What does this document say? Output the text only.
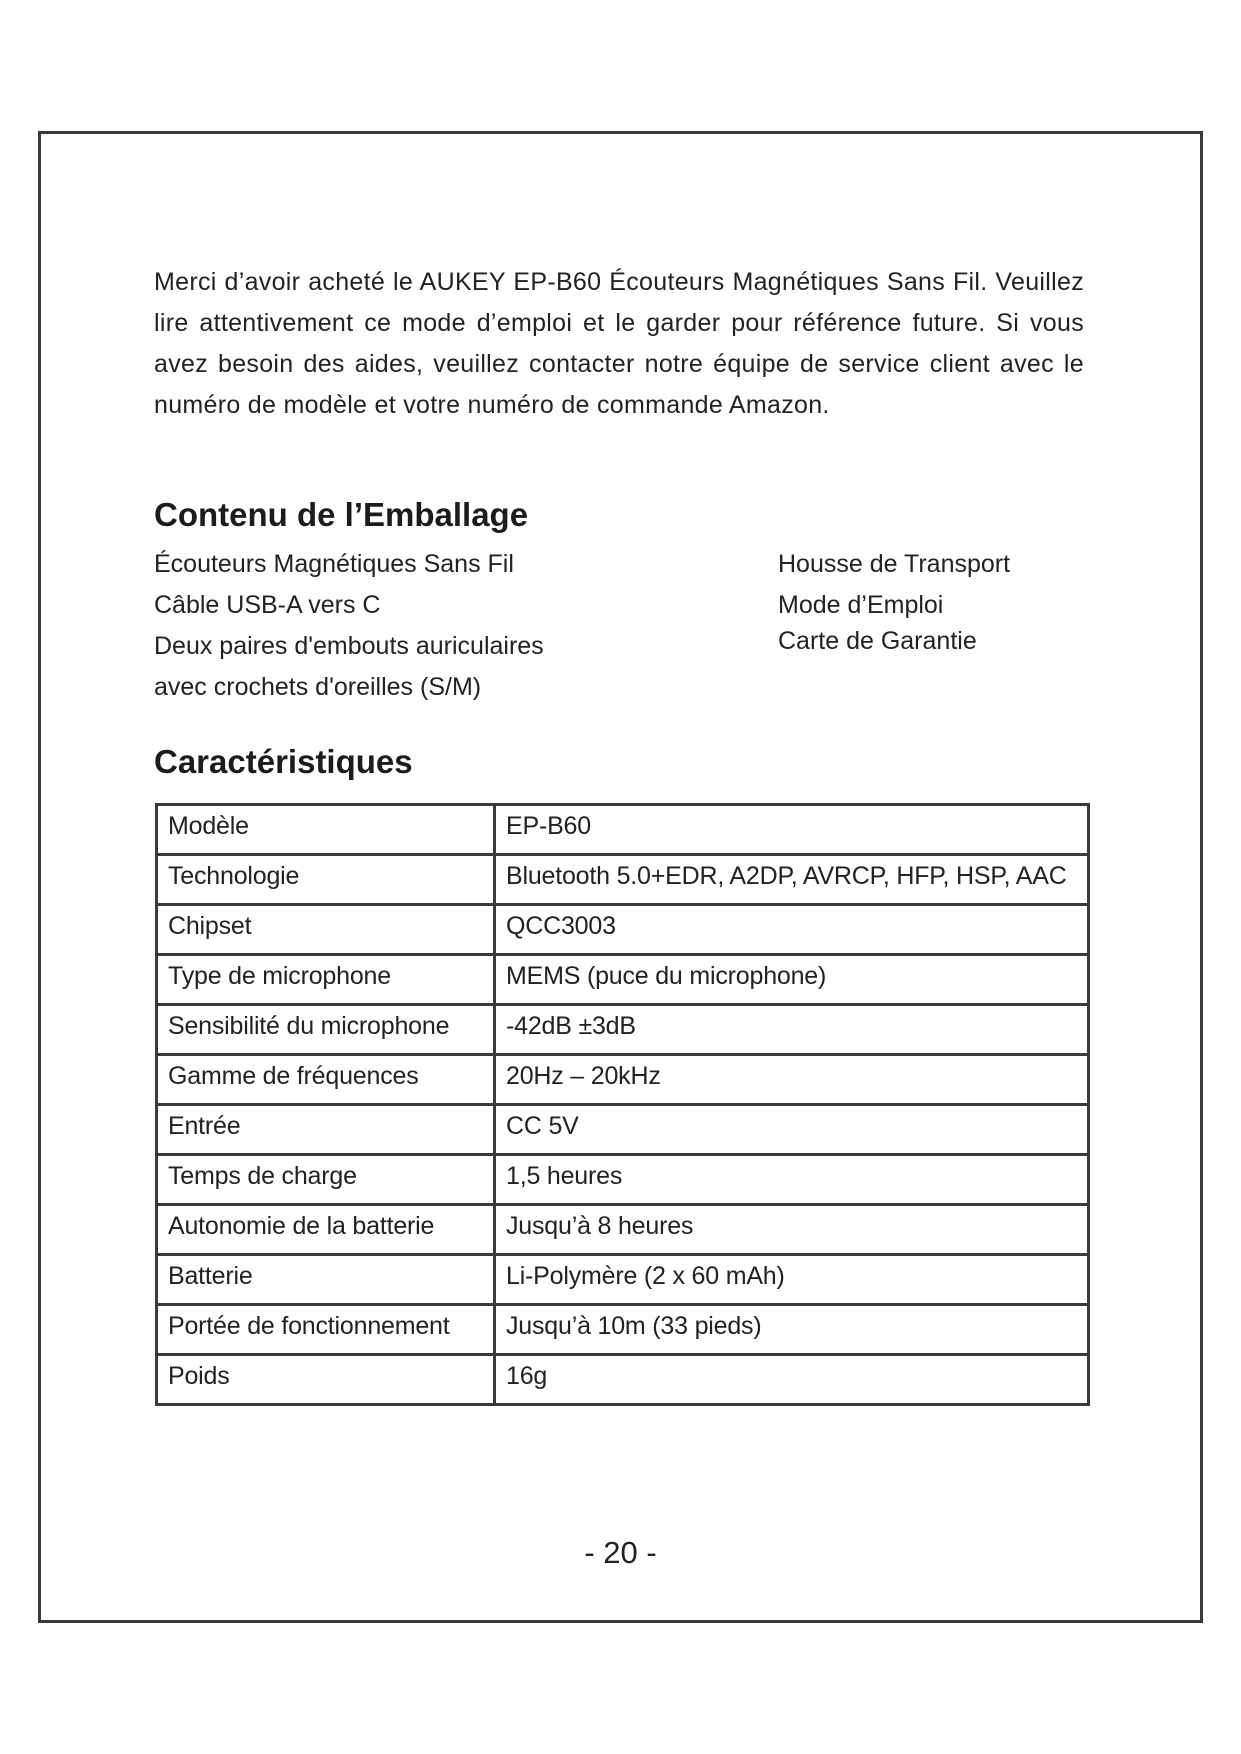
Merci d’avoir acheté le AUKEY EP-B60 Écouteurs Magnétiques Sans Fil. Veuillez lire attentivement ce mode d’emploi et le garder pour référence future. Si vous avez besoin des aides, veuillez contacter notre équipe de service client avec le numéro de modèle et votre numéro de commande Amazon.

Contenu de l’Emballage
Écouteurs Magnétiques Sans Fil
Câble USB-A vers C
Deux paires d'embouts auriculaires
avec crochets d'oreilles (S/M)
Housse de Transport
Mode d’Emploi
Carte de Garantie
Caractéristiques
Modèle	EP-B60
Technologie	Bluetooth 5.0+EDR, A2DP, AVRCP, HFP, HSP, AAC
Chipset	QCC3003
Type de microphone	MEMS (puce du microphone)
Sensibilité du microphone	-42dB ±3dB
Gamme de fréquences	20Hz – 20kHz
Entrée	CC 5V
Temps de charge	1,5 heures
Autonomie de la batterie	Jusqu’à 8 heures
Batterie	Li-Polymère (2 x 60 mAh)
Portée de fonctionnement	Jusqu’à 10m (33 pieds)
Poids	16g
- 20 -
